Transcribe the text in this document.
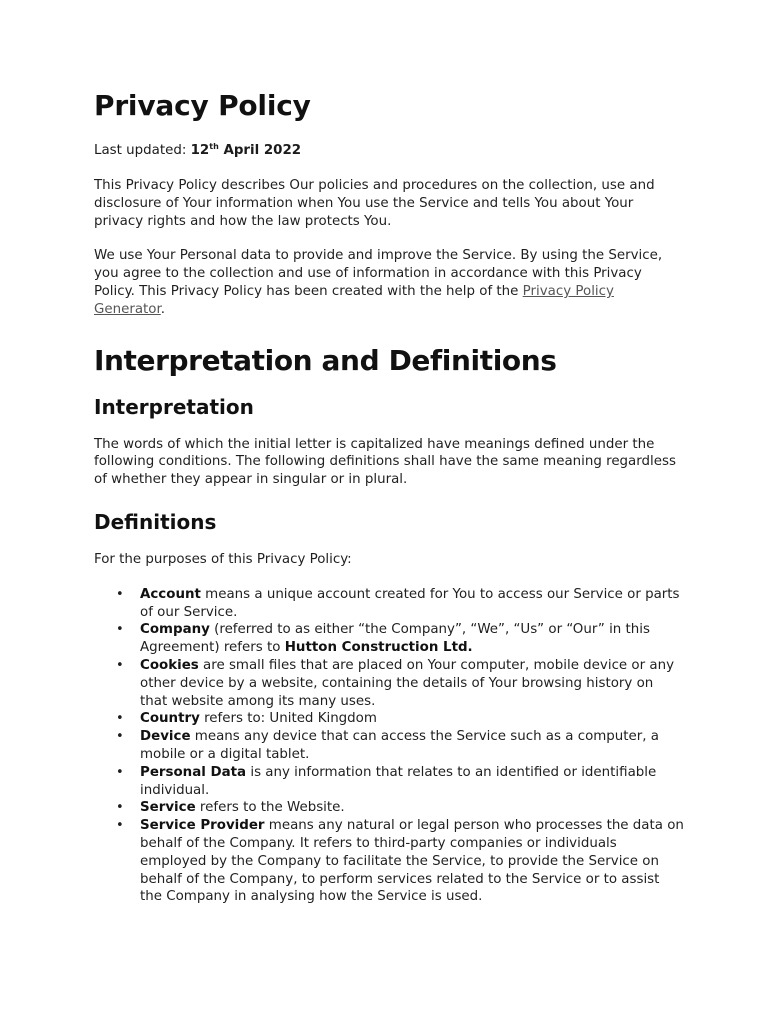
Privacy Policy
Last updated: 12th April 2022

This Privacy Policy describes Our policies and procedures on the collection, use and disclosure of Your information when You use the Service and tells You about Your privacy rights and how the law protects You.

We use Your Personal data to provide and improve the Service. By using the Service, you agree to the collection and use of information in accordance with this Privacy Policy. This Privacy Policy has been created with the help of the Privacy Policy Generator.

Interpretation and Definitions
Interpretation

The words of which the initial letter is capitalized have meanings defined under the following conditions. The following definitions shall have the same meaning regardless of whether they appear in singular or in plural.

Definitions

For the purposes of this Privacy Policy:

• Account means a unique account created for You to access our Service or parts of our Service.
• Company (referred to as either “the Company”, “We”, “Us” or “Our” in this Agreement) refers to Hutton Construction Ltd.
• Cookies are small files that are placed on Your computer, mobile device or any other device by a website, containing the details of Your browsing history on that website among its many uses.
• Country refers to: United Kingdom
• Device means any device that can access the Service such as a computer, a mobile or a digital tablet.
• Personal Data is any information that relates to an identified or identifiable individual.
• Service refers to the Website.
• Service Provider means any natural or legal person who processes the data on behalf of the Company. It refers to third-party companies or individuals employed by the Company to facilitate the Service, to provide the Service on behalf of the Company, to perform services related to the Service or to assist the Company in analysing how the Service is used.
